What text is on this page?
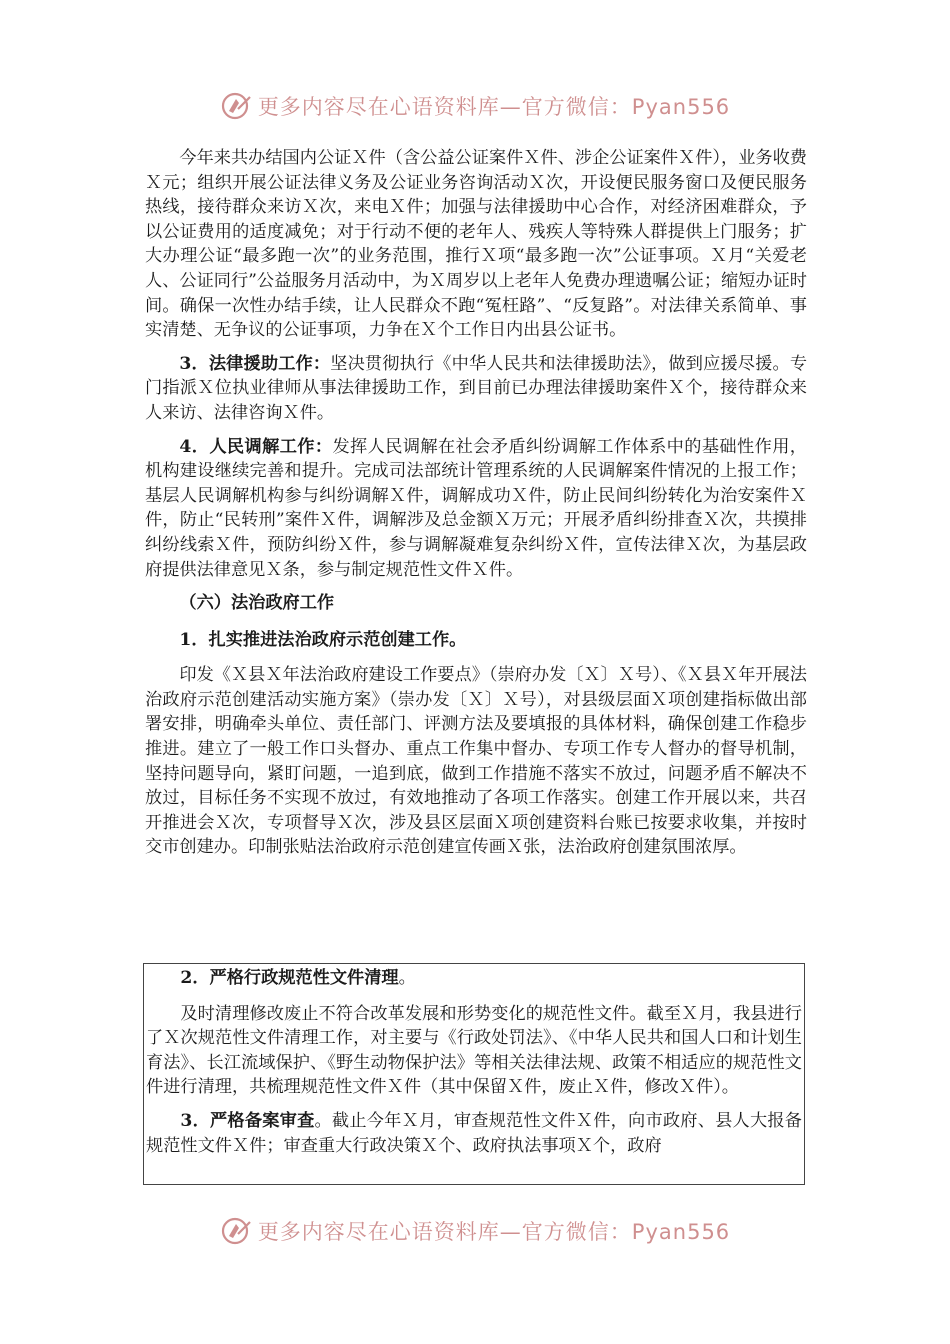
更多内容尽在心语资料库—官方微信：Pyan556

今年来共办结国内公证Ｘ件（含公益公证案件Ｘ件、涉企公证案件Ｘ件），业务收费Ｘ元；组织开展公证法律义务及公证业务咨询活动Ｘ次，开设便民服务窗口及便民服务热线，接待群众来访Ｘ次，来电Ｘ件；加强与法律援助中心合作，对经济困难群众，予以公证费用的适度减免；对于行动不便的老年人、残疾人等特殊人群提供上门服务；扩大办理公证“最多跑一次”的业务范围，推行Ｘ项“最多跑一次”公证事项。Ｘ月“关爱老人、公证同行”公益服务月活动中，为Ｘ周岁以上老年人免费办理遗嘱公证；缩短办证时间。确保一次性办结手续，让人民群众不跑“冤枉路”、“反复路”。对法律关系简单、事实清楚、无争议的公证事项，力争在Ｘ个工作日内出县公证书。

3．法律援助工作：坚决贯彻执行《中华人民共和法律援助法》，做到应援尽援。专门指派Ｘ位执业律师从事法律援助工作，到目前已办理法律援助案件Ｘ个，接待群众来人来访、法律咨询Ｘ件。

4．人民调解工作：发挥人民调解在社会矛盾纠纷调解工作体系中的基础性作用，机构建设继续完善和提升。完成司法部统计管理系统的人民调解案件情况的上报工作；基层人民调解机构参与纠纷调解Ｘ件，调解成功Ｘ件，防止民间纠纷转化为治安案件Ｘ件，防止“民转刑”案件Ｘ件，调解涉及总金额Ｘ万元；开展矛盾纠纷排查Ｘ次，共摸排纠纷线索Ｘ件，预防纠纷Ｘ件，参与调解凝难复杂纠纷Ｘ件，宣传法律Ｘ次，为基层政府提供法律意见Ｘ条，参与制定规范性文件Ｘ件。

（六）法治政府工作

1．扎实推进法治政府示范创建工作。

印发《Ｘ县Ｘ年法治政府建设工作要点》（崇府办发〔Ｘ〕Ｘ号）、《Ｘ县Ｘ年开展法治政府示范创建活动实施方案》（崇办发〔Ｘ〕Ｘ号），对县级层面Ｘ项创建指标做出部署安排，明确牵头单位、责任部门、评测方法及要填报的具体材料，确保创建工作稳步推进。建立了一般工作口头督办、重点工作集中督办、专项工作专人督办的督导机制，坚持问题导向，紧盯问题，一追到底，做到工作措施不落实不放过，问题矛盾不解决不放过，目标任务不实现不放过，有效地推动了各项工作落实。创建工作开展以来，共召开推进会Ｘ次，专项督导Ｘ次，涉及县区层面Ｘ项创建资料台账已按要求收集，并按时交市创建办。印制张贴法治政府示范创建宣传画Ｘ张，法治政府创建氛围浓厚。

2．严格行政规范性文件清理。

及时清理修改废止不符合改革发展和形势变化的规范性文件。截至Ｘ月，我县进行了Ｘ次规范性文件清理工作，对主要与《行政处罚法》、《中华人民共和国人口和计划生育法》、长江流域保护、《野生动物保护法》等相关法律法规、政策不相适应的规范性文件进行清理，共梳理规范性文件Ｘ件（其中保留Ｘ件，废止Ｘ件，修改Ｘ件）。

3．严格备案审查。截止今年Ｘ月，审查规范性文件Ｘ件，向市政府、县人大报备规范性文件Ｘ件；审查重大行政决策Ｘ个、政府执法事项Ｘ个，政府

更多内容尽在心语资料库—官方微信：Pyan556
